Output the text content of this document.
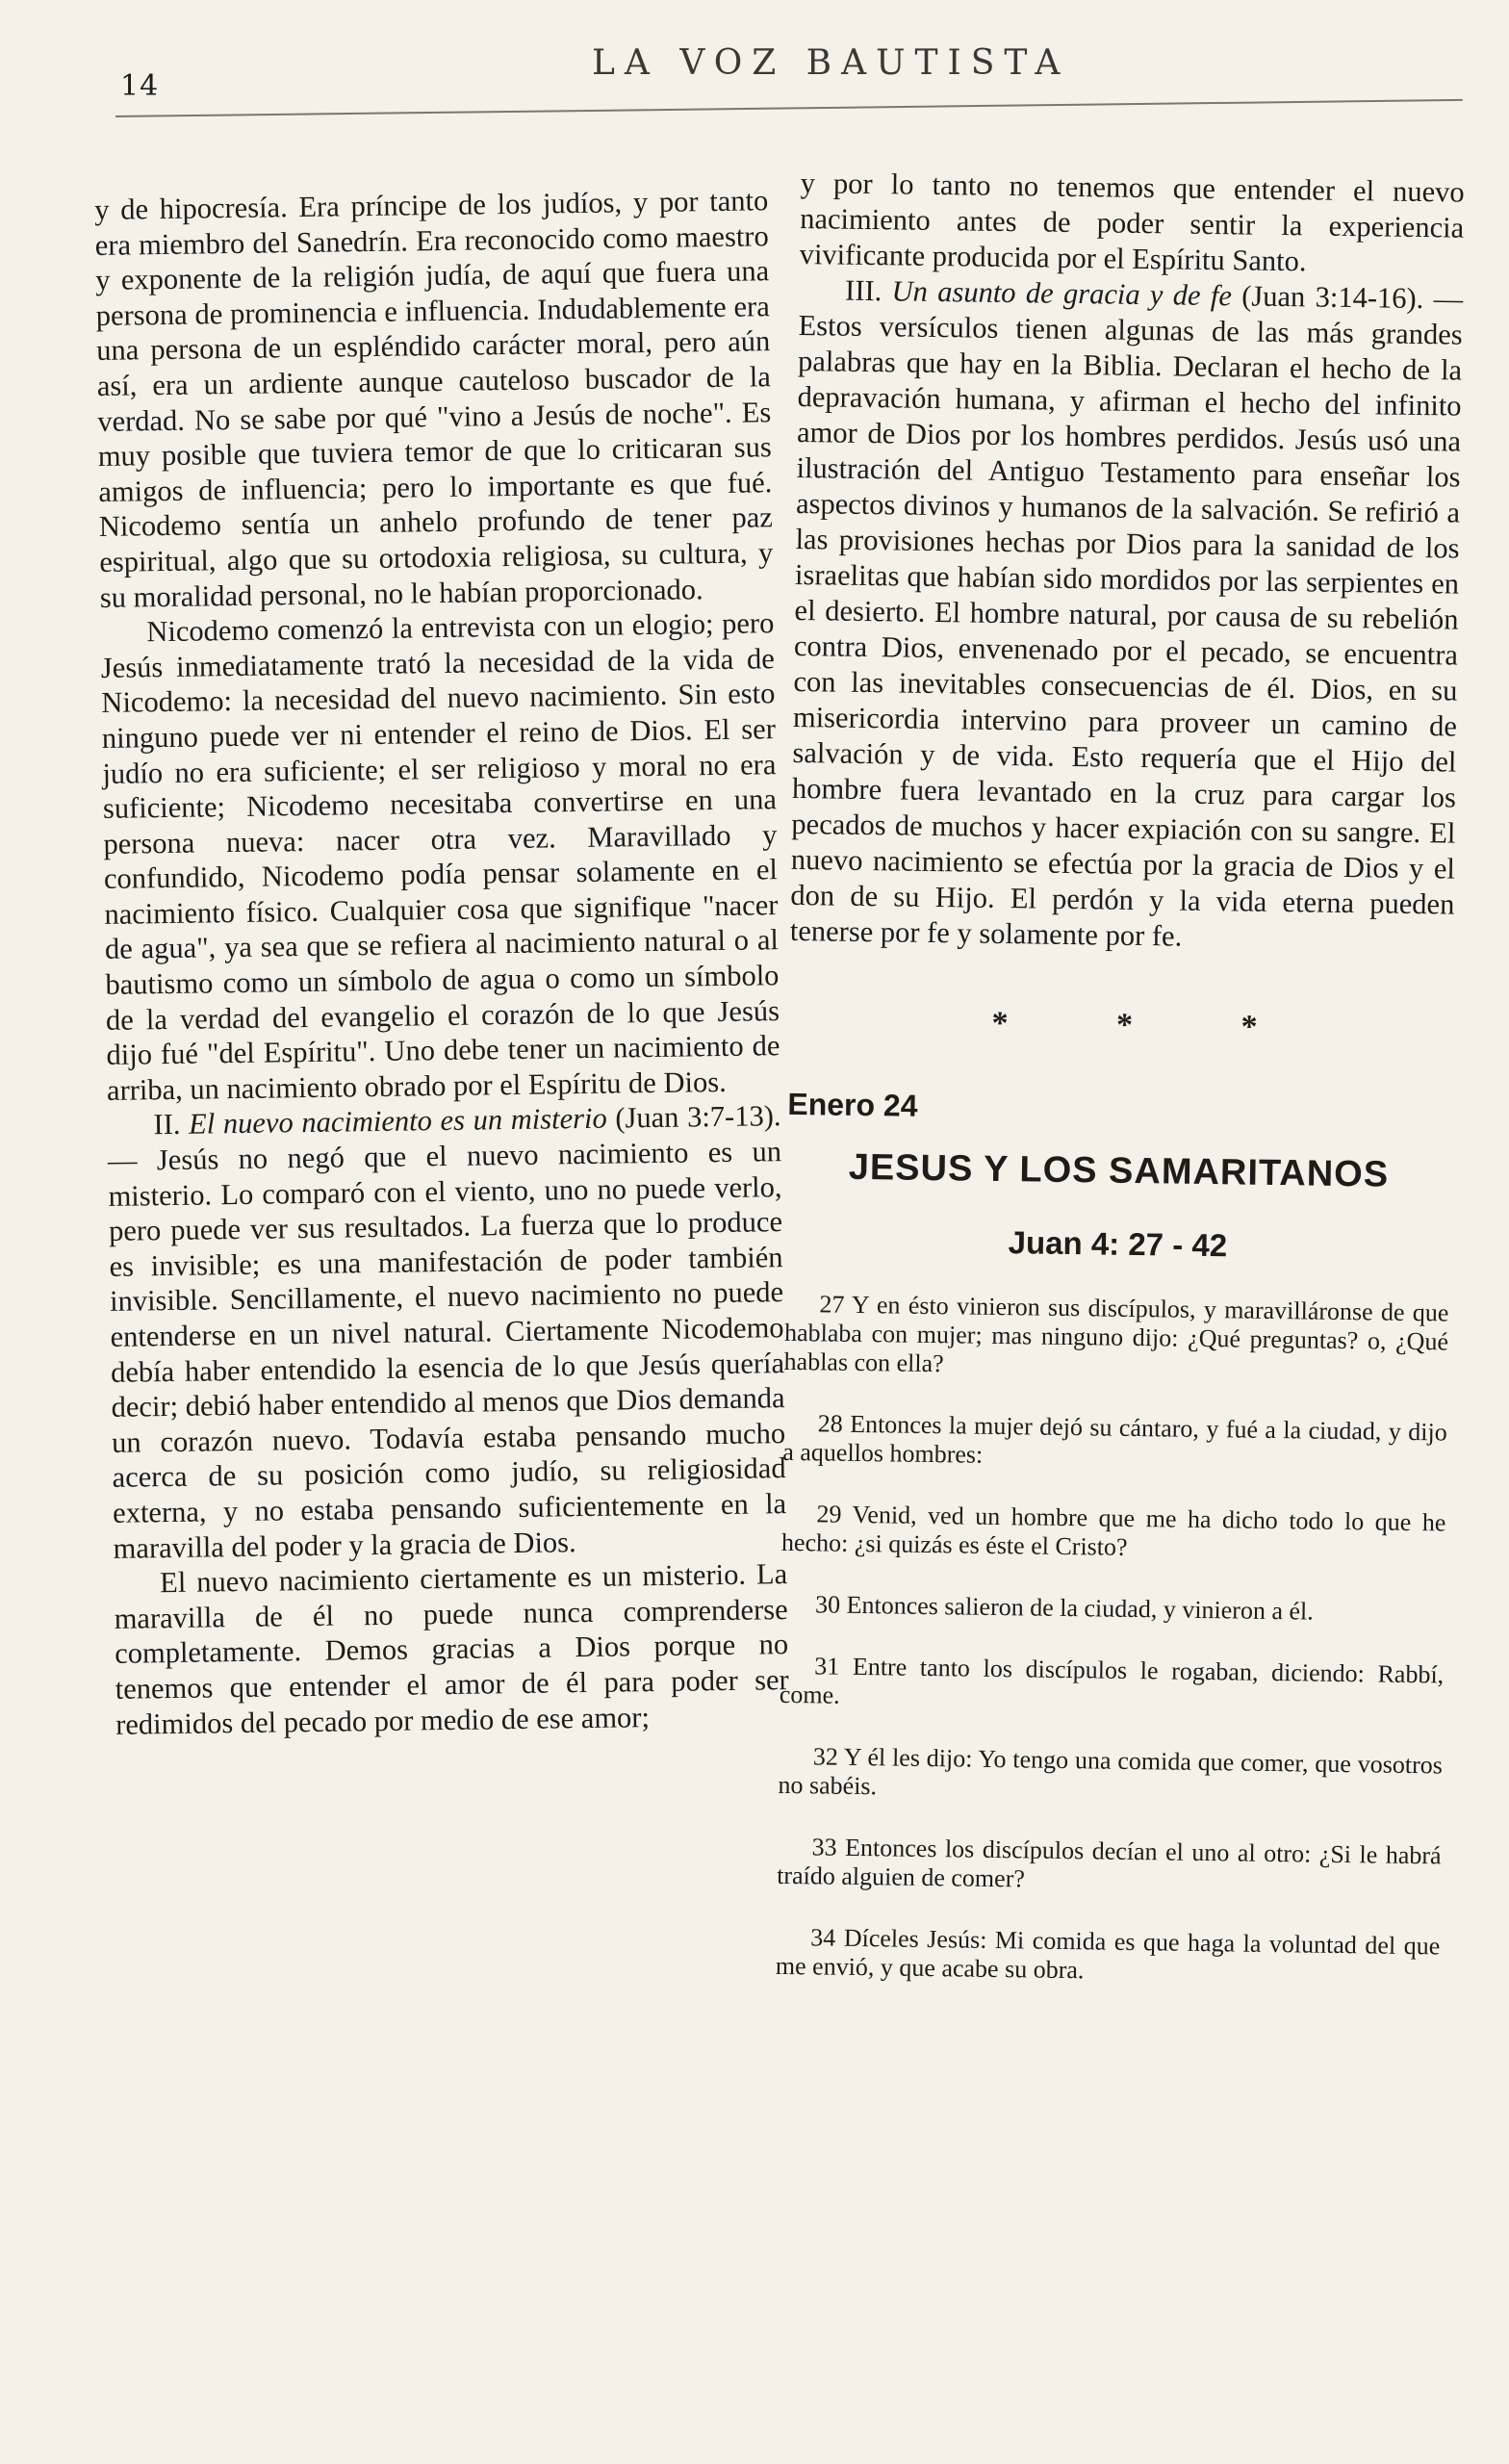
14
LA VOZ BAUTISTA

y de hipocresía. Era príncipe de los judíos, y por tanto era miembro del Sanedrín. Era reconocido como maestro y exponente de la religión judía, de aquí que fuera una persona de prominencia e influencia. Indudablemente era una persona de un espléndido carácter moral, pero aún así, era un ardiente aunque cauteloso buscador de la verdad. No se sabe por qué "vino a Jesús de noche". Es muy posible que tuviera temor de que lo criticaran sus amigos de influencia; pero lo importante es que fué. Nicodemo sentía un anhelo profundo de tener paz espiritual, algo que su ortodoxia religiosa, su cultura, y su moralidad personal, no le habían proporcionado.

Nicodemo comenzó la entrevista con un elogio; pero Jesús inmediatamente trató la necesidad de la vida de Nicodemo: la necesidad del nuevo nacimiento. Sin esto ninguno puede ver ni entender el reino de Dios. El ser judío no era suficiente; el ser religioso y moral no era suficiente; Nicodemo necesitaba convertirse en una persona nueva: nacer otra vez. Maravillado y confundido, Nicodemo podía pensar solamente en el nacimiento físico. Cualquier cosa que signifique "nacer de agua", ya sea que se refiera al nacimiento natural o al bautismo como un símbolo de agua o como un símbolo de la verdad del evangelio el corazón de lo que Jesús dijo fué "del Espíritu". Uno debe tener un nacimiento de arriba, un nacimiento obrado por el Espíritu de Dios.

II. El nuevo nacimiento es un misterio (Juan 3:7-13). — Jesús no negó que el nuevo nacimiento es un misterio. Lo comparó con el viento, uno no puede verlo, pero puede ver sus resultados. La fuerza que lo produce es invisible; es una manifestación de poder también invisible. Sencillamente, el nuevo nacimiento no puede entenderse en un nivel natural. Ciertamente Nicodemo debía haber entendido la esencia de lo que Jesús quería decir; debió haber entendido al menos que Dios demanda un corazón nuevo. Todavía estaba pensando mucho acerca de su posición como judío, su religiosidad externa, y no estaba pensando suficientemente en la maravilla del poder y la gracia de Dios.

El nuevo nacimiento ciertamente es un misterio. La maravilla de él no puede nunca comprenderse completamente. Demos gracias a Dios porque no tenemos que entender el amor de él para poder ser redimidos del pecado por medio de ese amor;

y por lo tanto no tenemos que entender el nuevo nacimiento antes de poder sentir la experiencia vivificante producida por el Espíritu Santo.

III. Un asunto de gracia y de fe (Juan 3:14-16). — Estos versículos tienen algunas de las más grandes palabras que hay en la Biblia. Declaran el hecho de la depravación humana, y afirman el hecho del infinito amor de Dios por los hombres perdidos. Jesús usó una ilustración del Antiguo Testamento para enseñar los aspectos divinos y humanos de la salvación. Se refirió a las provisiones hechas por Dios para la sanidad de los israelitas que habían sido mordidos por las serpientes en el desierto. El hombre natural, por causa de su rebelión contra Dios, envenenado por el pecado, se encuentra con las inevitables consecuencias de él. Dios, en su misericordia intervino para proveer un camino de salvación y de vida. Esto requería que el Hijo del hombre fuera levantado en la cruz para cargar los pecados de muchos y hacer expiación con su sangre. El nuevo nacimiento se efectúa por la gracia de Dios y el don de su Hijo. El perdón y la vida eterna pueden tenerse por fe y solamente por fe.

* * *

Enero 24

JESUS Y LOS SAMARITANOS

Juan 4: 27 - 42

27 Y en ésto vinieron sus discípulos, y maravilláronse de que hablaba con mujer; mas ninguno dijo: ¿Qué preguntas? o, ¿Qué hablas con ella?

28 Entonces la mujer dejó su cántaro, y fué a la ciudad, y dijo a aquellos hombres:

29 Venid, ved un hombre que me ha dicho todo lo que he hecho: ¿si quizás es éste el Cristo?

30 Entonces salieron de la ciudad, y vinieron a él.

31 Entre tanto los discípulos le rogaban, diciendo: Rabbí, come.

32 Y él les dijo: Yo tengo una comida que comer, que vosotros no sabéis.

33 Entonces los discípulos decían el uno al otro: ¿Si le habrá traído alguien de comer?

34 Díceles Jesús: Mi comida es que haga la voluntad del que me envió, y que acabe su obra.
